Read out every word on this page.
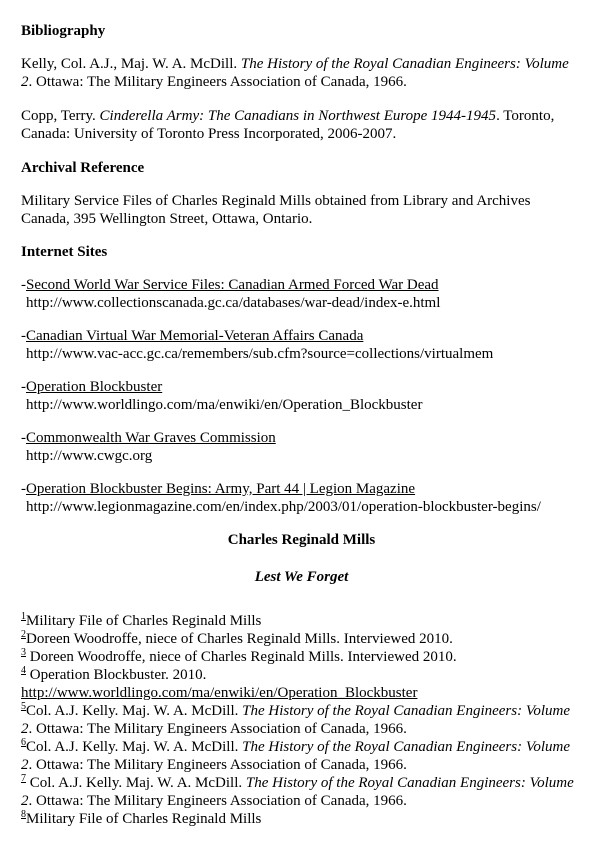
Bibliography

Kelly, Col. A.J., Maj. W. A. McDill. The History of the Royal Canadian Engineers: Volume 2. Ottawa: The Military Engineers Association of Canada, 1966.

Copp, Terry. Cinderella Army: The Canadians in Northwest Europe 1944-1945. Toronto, Canada: University of Toronto Press Incorporated, 2006-2007.

Archival Reference

Military Service Files of Charles Reginald Mills obtained from Library and Archives Canada, 395 Wellington Street, Ottawa, Ontario.

Internet Sites
-Second World War Service Files: Canadian Armed Forced War Dead
http://www.collectionscanada.gc.ca/databases/war-dead/index-e.html
-Canadian Virtual War Memorial-Veteran Affairs Canada
http://www.vac-acc.gc.ca/remembers/sub.cfm?source=collections/virtualmem
-Operation Blockbuster
http://www.worldlingo.com/ma/enwiki/en/Operation_Blockbuster
-Commonwealth War Graves Commission
http://www.cwgc.org
-Operation Blockbuster Begins: Army, Part 44 | Legion Magazine
http://www.legionmagazine.com/en/index.php/2003/01/operation-blockbuster-begins/
Charles Reginald Mills
Lest We Forget
$^1$Military File of Charles Reginald Mills
$^2$Doreen Woodroffe, niece of Charles Reginald Mills. Interviewed 2010.
$^3$ Doreen Woodroffe, niece of Charles Reginald Mills. Interviewed 2010.
$^4$ Operation Blockbuster. 2010.
http://www.worldlingo.com/ma/enwiki/en/Operation_Blockbuster
$^5$Col. A.J. Kelly. Maj. W. A. McDill. The History of the Royal Canadian Engineers: Volume 2. Ottawa: The Military Engineers Association of Canada, 1966.
$^6$Col. A.J. Kelly. Maj. W. A. McDill. The History of the Royal Canadian Engineers: Volume 2. Ottawa: The Military Engineers Association of Canada, 1966.
$^7$ Col. A.J. Kelly. Maj. W. A. McDill. The History of the Royal Canadian Engineers: Volume 2. Ottawa: The Military Engineers Association of Canada, 1966.
$^8$Military File of Charles Reginald Mills
